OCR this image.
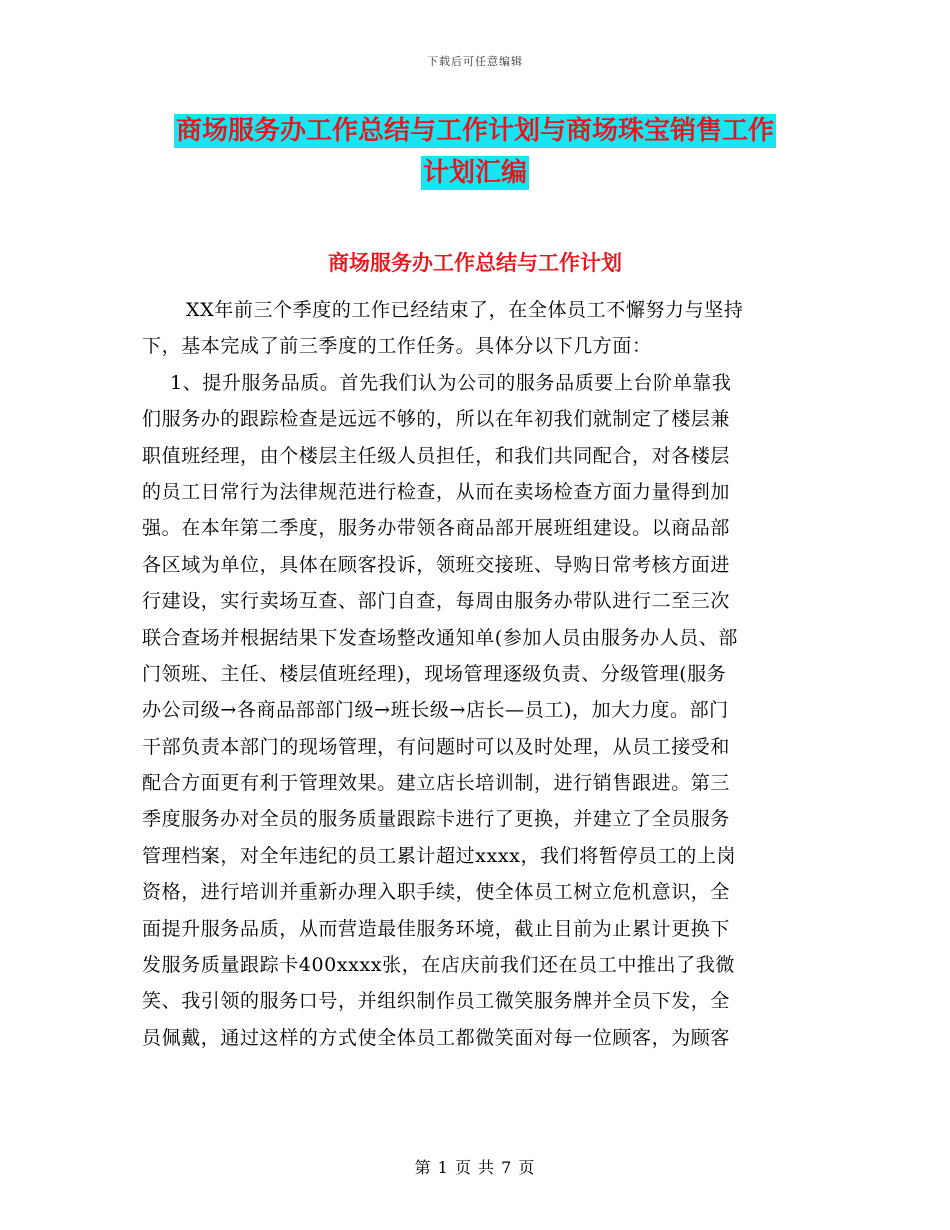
下载后可任意编辑
商场服务办工作总结与工作计划与商场珠宝销售工作
计划汇编
商场服务办工作总结与工作计划
XX年前三个季度的工作已经结束了，在全体员工不懈努力与坚持
下，基本完成了前三季度的工作任务。具体分以下几方面：
1、提升服务品质。首先我们认为公司的服务品质要上台阶单靠我
们服务办的跟踪检查是远远不够的，所以在年初我们就制定了楼层兼
职值班经理，由个楼层主任级人员担任，和我们共同配合，对各楼层
的员工日常行为法律规范进行检查，从而在卖场检查方面力量得到加
强。在本年第二季度，服务办带领各商品部开展班组建设。以商品部
各区域为单位，具体在顾客投诉，领班交接班、导购日常考核方面进
行建设，实行卖场互查、部门自查，每周由服务办带队进行二至三次
联合查场并根据结果下发查场整改通知单(参加人员由服务办人员、部
门领班、主任、楼层值班经理)，现场管理逐级负责、分级管理(服务
办公司级→各商品部部门级→班长级→店长—员工)，加大力度。部门
干部负责本部门的现场管理，有问题时可以及时处理，从员工接受和
配合方面更有利于管理效果。建立店长培训制，进行销售跟进。第三
季度服务办对全员的服务质量跟踪卡进行了更换，并建立了全员服务
管理档案，对全年违纪的员工累计超过xxxx，我们将暂停员工的上岗
资格，进行培训并重新办理入职手续，使全体员工树立危机意识，全
面提升服务品质，从而营造最佳服务环境，截止目前为止累计更换下
发服务质量跟踪卡400xxxx张，在店庆前我们还在员工中推出了我微
笑、我引领的服务口号，并组织制作员工微笑服务牌并全员下发，全
员佩戴，通过这样的方式使全体员工都微笑面对每一位顾客，为顾客
第 1 页 共 7 页
